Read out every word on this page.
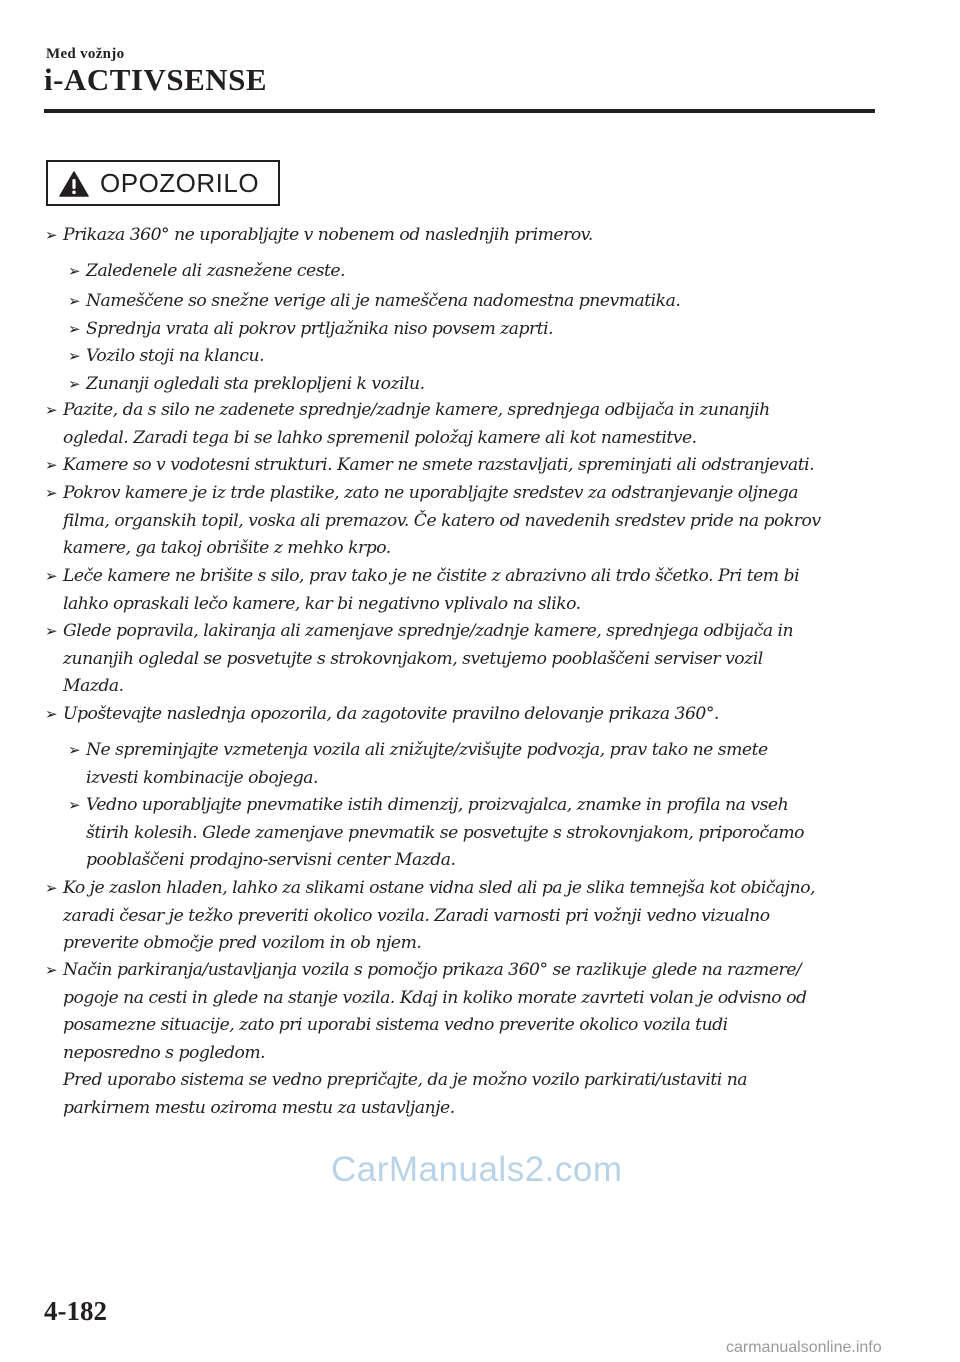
Med vožnjo
i-ACTIVSENSE
OPOZORILO
➢ Prikaza 360° ne uporabljajte v nobenem od naslednjih primerov.
➢ Zaledenele ali zasnežene ceste.
➢ Nameščene so snežne verige ali je nameščena nadomestna pnevmatika.
➢ Sprednja vrata ali pokrov prtljažnika niso povsem zaprti.
➢ Vozilo stoji na klancu.
➢ Zunanji ogledali sta preklopljeni k vozilu.
➢ Pazite, da s silo ne zadenete sprednje/zadnje kamere, sprednjega odbijača in zunanjih
ogledal. Zaradi tega bi se lahko spremenil položaj kamere ali kot namestitve.
➢ Kamere so v vodotesni strukturi. Kamer ne smete razstavljati, spreminjati ali odstranjevati.
➢ Pokrov kamere je iz trde plastike, zato ne uporabljajte sredstev za odstranjevanje oljnega
filma, organskih topil, voska ali premazov. Če katero od navedenih sredstev pride na pokrov
kamere, ga takoj obrišite z mehko krpo.
➢ Leče kamere ne brišite s silo, prav tako je ne čistite z abrazivno ali trdo ščetko. Pri tem bi
lahko opraskali lečo kamere, kar bi negativno vplivalo na sliko.
➢ Glede popravila, lakiranja ali zamenjave sprednje/zadnje kamere, sprednjega odbijača in
zunanjih ogledal se posvetujte s strokovnjakom, svetujemo pooblaščeni serviser vozil
Mazda.
➢ Upoštevajte naslednja opozorila, da zagotovite pravilno delovanje prikaza 360°.
➢ Ne spreminjajte vzmetenja vozila ali znižujte/zvišujte podvozja, prav tako ne smete
izvesti kombinacije obojega.
➢ Vedno uporabljajte pnevmatike istih dimenzij, proizvajalca, znamke in profila na vseh
štirih kolesih. Glede zamenjave pnevmatik se posvetujte s strokovnjakom, priporočamo
pooblaščeni prodajno-servisni center Mazda.
➢ Ko je zaslon hladen, lahko za slikami ostane vidna sled ali pa je slika temnejša kot običajno,
zaradi česar je težko preveriti okolico vozila. Zaradi varnosti pri vožnji vedno vizualno
preverite območje pred vozilom in ob njem.
➢ Način parkiranja/ustavljanja vozila s pomočjo prikaza 360° se razlikuje glede na razmere/
pogoje na cesti in glede na stanje vozila. Kdaj in koliko morate zavrteti volan je odvisno od
posamezne situacije, zato pri uporabi sistema vedno preverite okolico vozila tudi
neposredno s pogledom.
Pred uporabo sistema se vedno prepričajte, da je možno vozilo parkirati/ustaviti na
parkirnem mestu oziroma mestu za ustavljanje.
CarManuals2.com
4-182
carmanualsonline.info
